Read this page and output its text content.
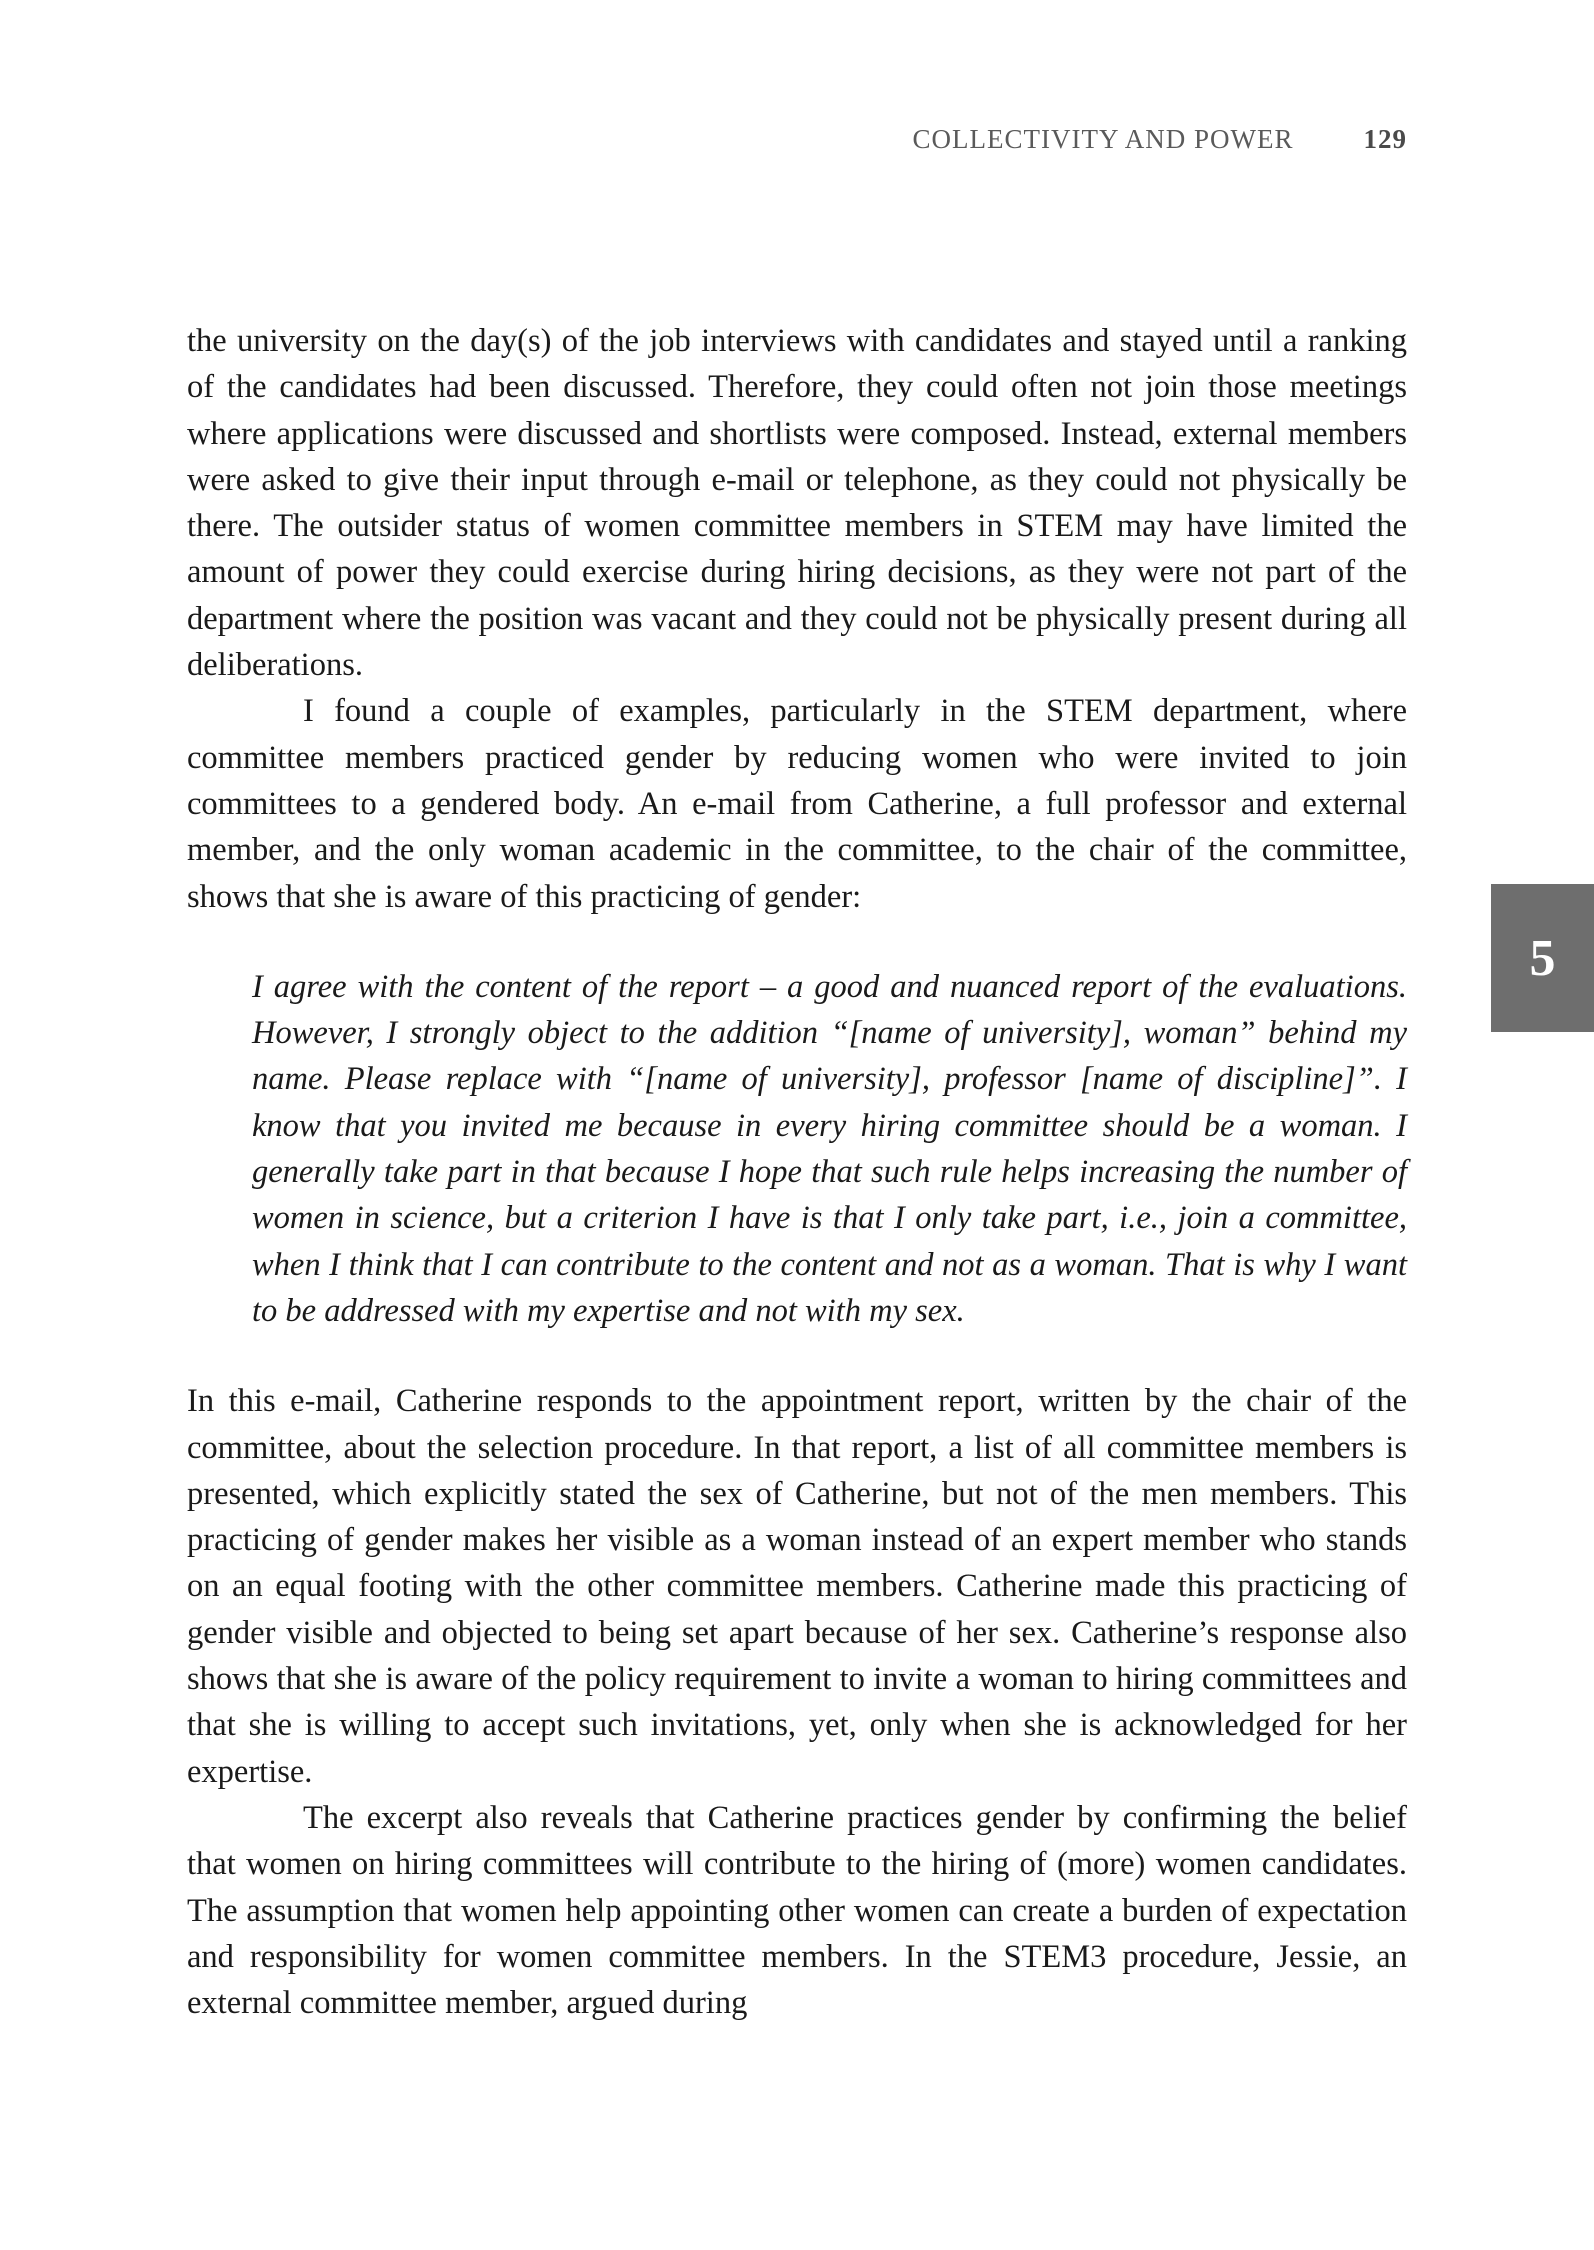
COLLECTIVITY AND POWER	129
5

the university on the day(s) of the job interviews with candidates and stayed until a ranking of the candidates had been discussed. Therefore, they could often not join those meetings where applications were discussed and shortlists were composed. Instead, external members were asked to give their input through e-mail or telephone, as they could not physically be there. The outsider status of women committee members in STEM may have limited the amount of power they could exercise during hiring decisions, as they were not part of the department where the position was vacant and they could not be physically present during all deliberations.

I found a couple of examples, particularly in the STEM department, where committee members practiced gender by reducing women who were invited to join committees to a gendered body. An e-mail from Catherine, a full professor and external member, and the only woman academic in the committee, to the chair of the committee, shows that she is aware of this practicing of gender:

I agree with the content of the report – a good and nuanced report of the evaluations. However, I strongly object to the addition “[name of university], woman” behind my name. Please replace with “[name of university], professor [name of discipline]”. I know that you invited me because in every hiring committee should be a woman. I generally take part in that because I hope that such rule helps increasing the number of women in science, but a criterion I have is that I only take part, i.e., join a committee, when I think that I can contribute to the content and not as a woman. That is why I want to be addressed with my expertise and not with my sex.

In this e-mail, Catherine responds to the appointment report, written by the chair of the committee, about the selection procedure. In that report, a list of all committee members is presented, which explicitly stated the sex of Catherine, but not of the men members. This practicing of gender makes her visible as a woman instead of an expert member who stands on an equal footing with the other committee members. Catherine made this practicing of gender visible and objected to being set apart because of her sex. Catherine’s response also shows that she is aware of the policy requirement to invite a woman to hiring committees and that she is willing to accept such invitations, yet, only when she is acknowledged for her expertise.

The excerpt also reveals that Catherine practices gender by confirming the belief that women on hiring committees will contribute to the hiring of (more) women candidates. The assumption that women help appointing other women can create a burden of expectation and responsibility for women committee members. In the STEM3 procedure, Jessie, an external committee member, argued during
